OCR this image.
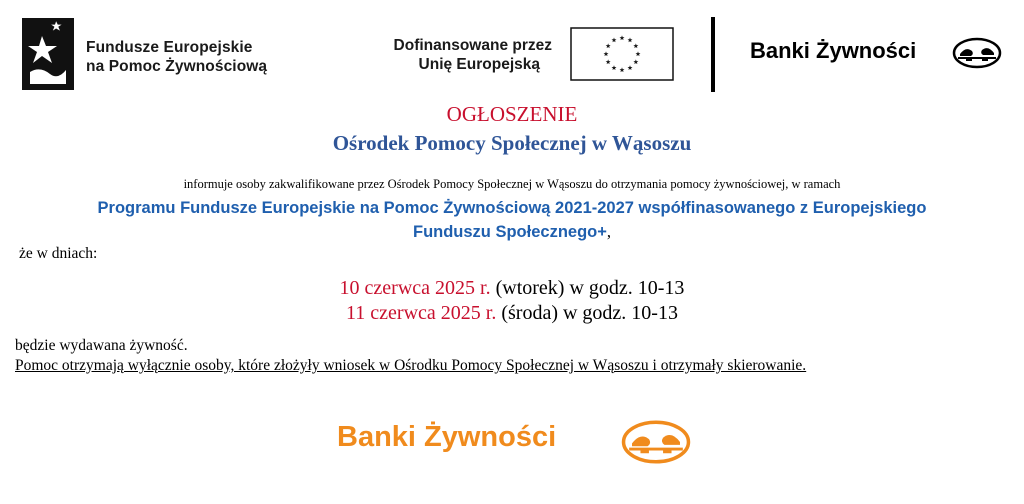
Fundusze Europejskie
na Pomoc Żywnościową
Dofinansowane przez
Unię Europejską
Banki Żywności
OGŁOSZENIE
Ośrodek Pomocy Społecznej w Wąsoszu
informuje osoby zakwalifikowane przez Ośrodek Pomocy Społecznej w Wąsoszu do otrzymania pomocy żywnościowej, w ramach
Programu Fundusze Europejskie na Pomoc Żywnościową 2021-2027 współfinasowanego z Europejskiego
Funduszu Społecznego+,
że w dniach:
10 czerwca 2025 r. (wtorek) w godz. 10-13
11 czerwca 2025 r. (środa) w godz. 10-13
będzie wydawana żywność.
Pomoc otrzymają wyłącznie osoby, które złożyły wniosek w Ośrodku Pomocy Społecznej w Wąsoszu i otrzymały skierowanie.
Banki Żywności
